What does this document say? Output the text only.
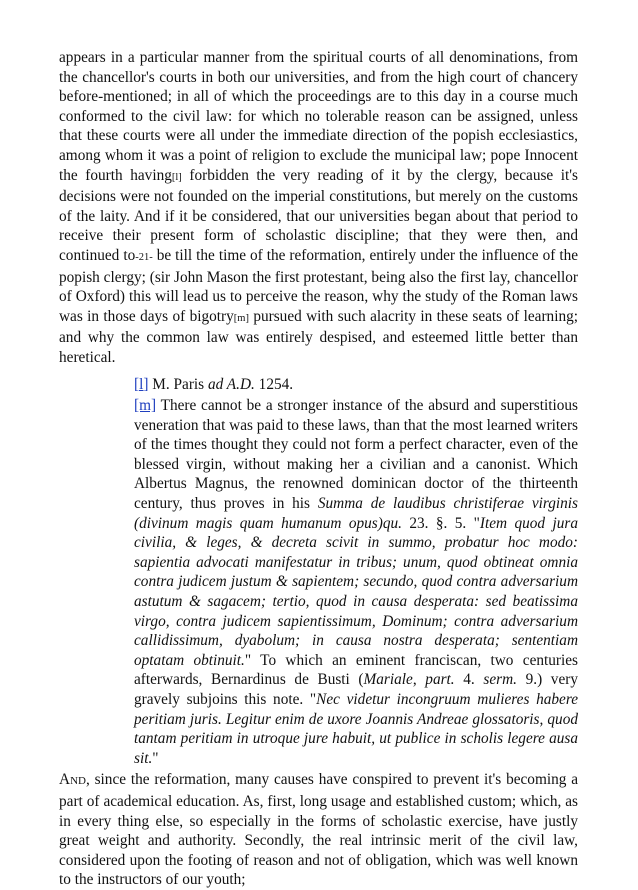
appears in a particular manner from the spiritual courts of all denominations, from the chancellor's courts in both our universities, and from the high court of chancery before-mentioned; in all of which the proceedings are to this day in a course much conformed to the civil law: for which no tolerable reason can be assigned, unless that these courts were all under the immediate direction of the popish ecclesiastics, among whom it was a point of religion to exclude the municipal law; pope Innocent the fourth having[l] forbidden the very reading of it by the clergy, because it's decisions were not founded on the imperial constitutions, but merely on the customs of the laity. And if it be considered, that our universities began about that period to receive their present form of scholastic discipline; that they were then, and continued to-21- be till the time of the reformation, entirely under the influence of the popish clergy; (sir John Mason the first protestant, being also the first lay, chancellor of Oxford) this will lead us to perceive the reason, why the study of the Roman laws was in those days of bigotry[m] pursued with such alacrity in these seats of learning; and why the common law was entirely despised, and esteemed little better than heretical.

[l] M. Paris ad A.D. 1254.

[m] There cannot be a stronger instance of the absurd and superstitious veneration that was paid to these laws, than that the most learned writers of the times thought they could not form a perfect character, even of the blessed virgin, without making her a civilian and a canonist. Which Albertus Magnus, the renowned dominican doctor of the thirteenth century, thus proves in his Summa de laudibus christiferae virginis (divinum magis quam humanum opus)qu. 23. §. 5. "Item quod jura civilia, & leges, & decreta scivit in summo, probatur hoc modo: sapientia advocati manifestatur in tribus; unum, quod obtineat omnia contra judicem justum & sapientem; secundo, quod contra adversarium astutum & sagacem; tertio, quod in causa desperata: sed beatissima virgo, contra judicem sapientissimum, Dominum; contra adversarium callidissimum, dyabolum; in causa nostra desperata; sententiam optatam obtinuit." To which an eminent franciscan, two centuries afterwards, Bernardinus de Busti (Mariale, part. 4. serm. 9.) very gravely subjoins this note. "Nec videtur incongruum mulieres habere peritiam juris. Legitur enim de uxore Joannis Andreae glossatoris, quod tantam peritiam in utroque jure habuit, ut publice in scholis legere ausa sit."

AND, since the reformation, many causes have conspired to prevent it's becoming a part of academical education. As, first, long usage and established custom; which, as in every thing else, so especially in the forms of scholastic exercise, have justly great weight and authority. Secondly, the real intrinsic merit of the civil law, considered upon the footing of reason and not of obligation, which was well known to the instructors of our youth;
